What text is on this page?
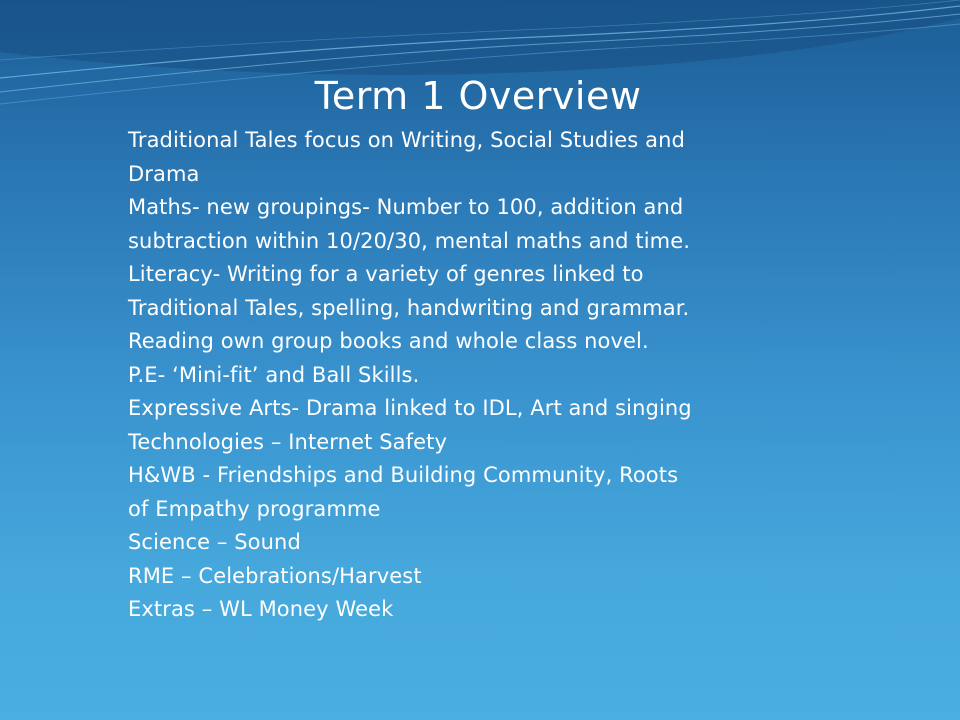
Term 1 Overview
Traditional Tales focus on Writing, Social Studies and
Drama
Maths- new groupings- Number to 100, addition and
subtraction within 10/20/30, mental maths and time.
Literacy- Writing for a variety of genres linked to
Traditional Tales, spelling, handwriting and grammar.
Reading own group books and whole class novel.
P.E- ‘Mini-fit’ and Ball Skills.
Expressive Arts- Drama linked to IDL, Art and singing
Technologies – Internet Safety
H&WB - Friendships and Building Community, Roots
of Empathy programme
Science – Sound
RME – Celebrations/Harvest
Extras – WL Money Week
